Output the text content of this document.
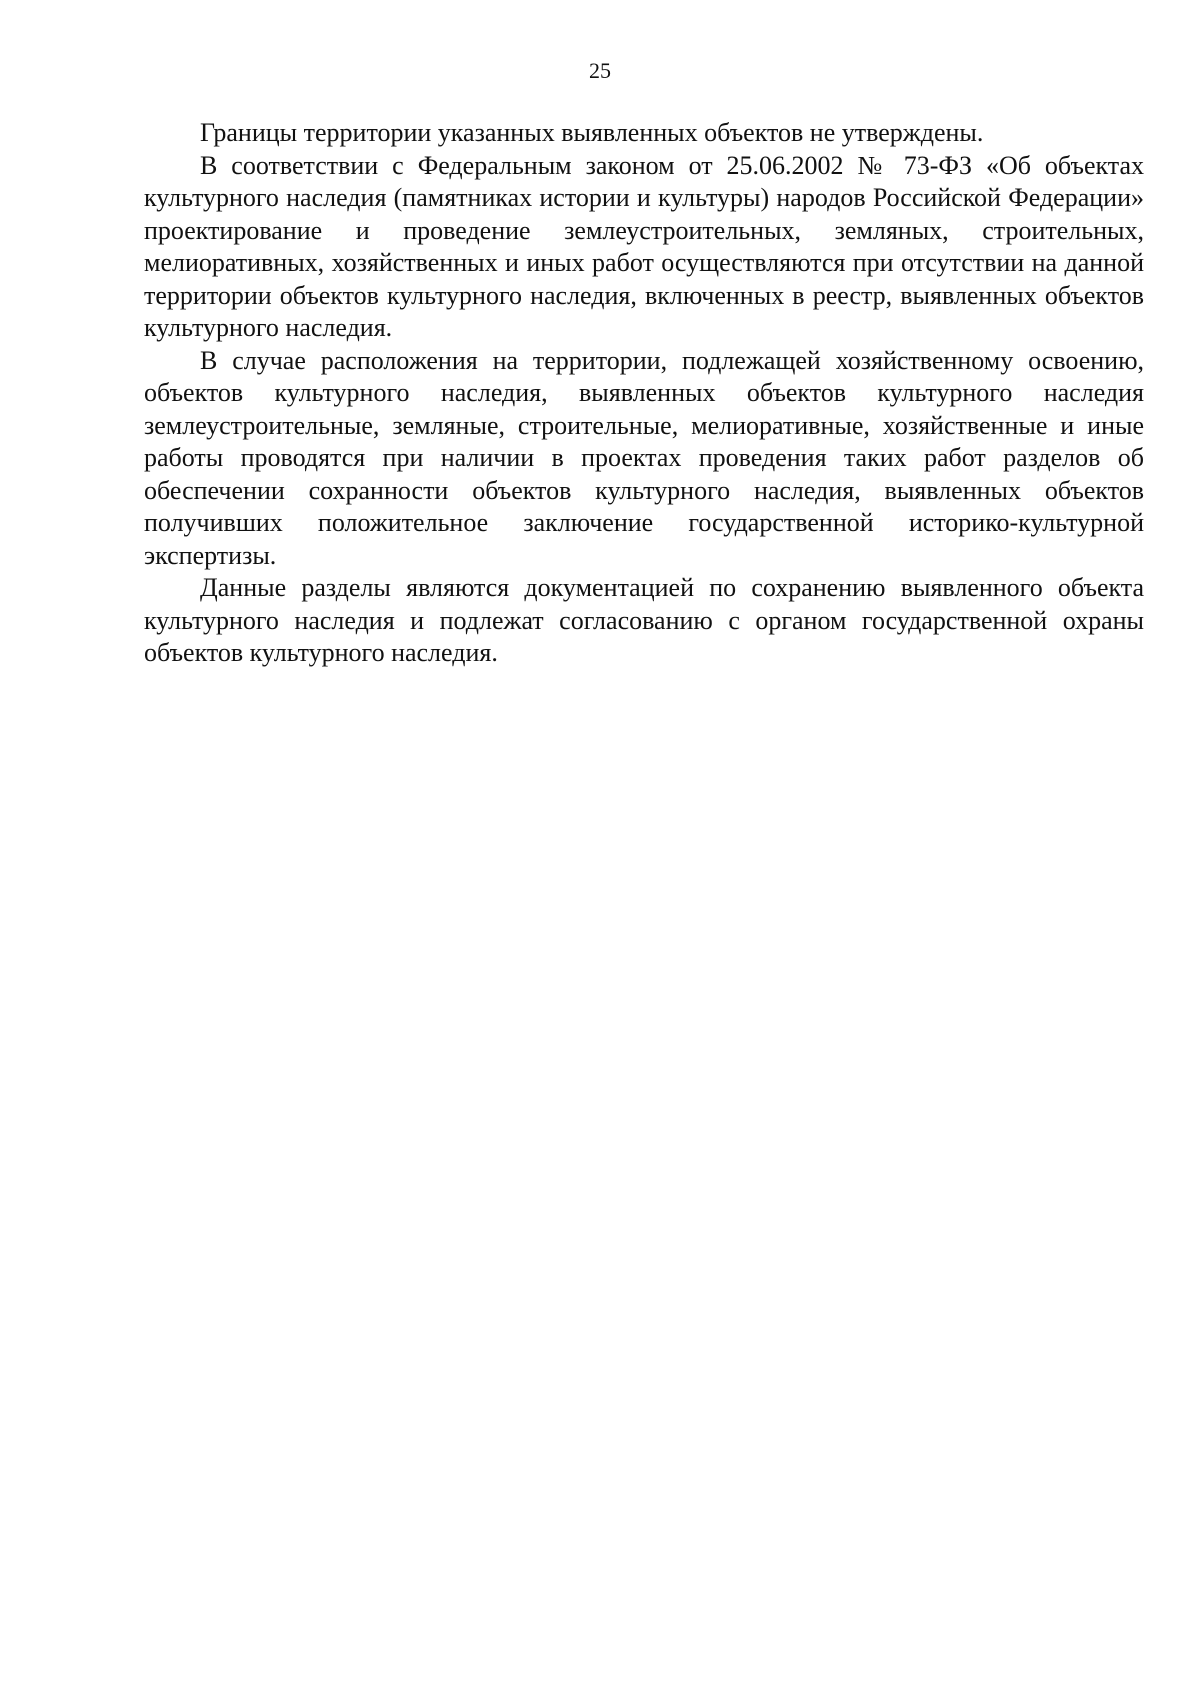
25

Границы территории указанных выявленных объектов не утверждены.

В соответствии с Федеральным законом от 25.06.2002 № 73-ФЗ «Об объектах культурного наследия (памятниках истории и культуры) народов Российской Федерации» проектирование и проведение землеустроительных, земляных, строительных, мелиоративных, хозяйственных и иных работ осуществляются при отсутствии на данной территории объектов культурного наследия, включенных в реестр, выявленных объектов культурного наследия.

В случае расположения на территории, подлежащей хозяйственному освоению, объектов культурного наследия, выявленных объектов культурного наследия землеустроительные, земляные, строительные, мелиоративные, хозяйственные и иные работы проводятся при наличии в проектах проведения таких работ разделов об обеспечении сохранности объектов культурного наследия, выявленных объектов получивших положительное заключение государственной историко-культурной экспертизы.

Данные разделы являются документацией по сохранению выявленного объекта культурного наследия и подлежат согласованию с органом государственной охраны объектов культурного наследия.
